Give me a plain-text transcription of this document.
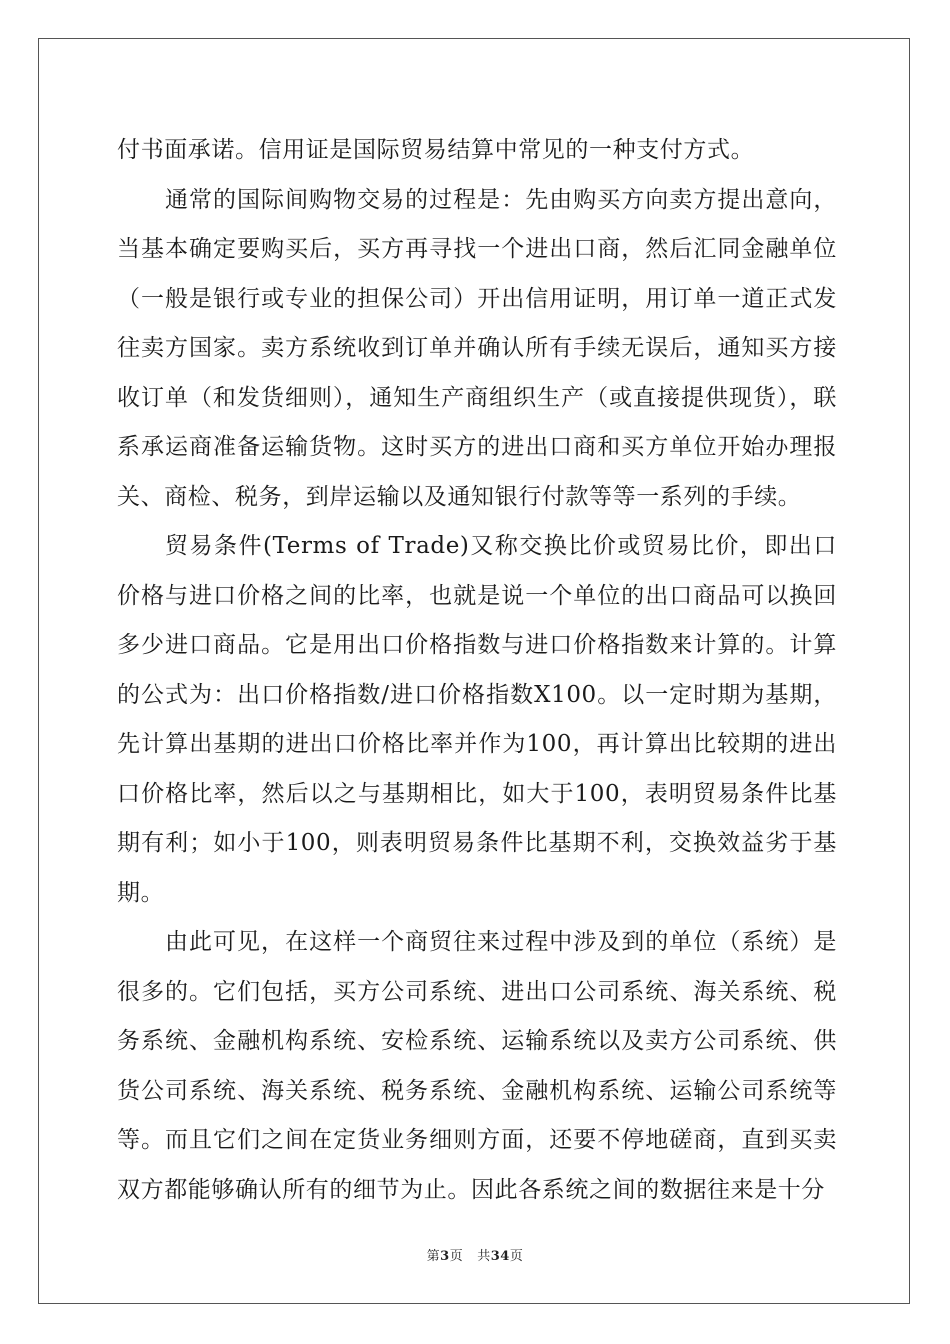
付书面承诺。信用证是国际贸易结算中常见的一种支付方式。

通常的国际间购物交易的过程是：先由购买方向卖方提出意向，当基本确定要购买后，买方再寻找一个进出口商，然后汇同金融单位（一般是银行或专业的担保公司）开出信用证明，用订单一道正式发往卖方国家。卖方系统收到订单并确认所有手续无误后，通知买方接收订单（和发货细则），通知生产商组织生产（或直接提供现货），联系承运商准备运输货物。这时买方的进出口商和买方单位开始办理报关、商检、税务，到岸运输以及通知银行付款等等一系列的手续。

贸易条件(Terms of Trade)又称交换比价或贸易比价，即出口价格与进口价格之间的比率，也就是说一个单位的出口商品可以换回多少进口商品。它是用出口价格指数与进口价格指数来计算的。计算的公式为：出口价格指数/进口价格指数X100。以一定时期为基期，先计算出基期的进出口价格比率并作为100，再计算出比较期的进出口价格比率，然后以之与基期相比，如大于100，表明贸易条件比基期有利；如小于100，则表明贸易条件比基期不利，交换效益劣于基期。

由此可见，在这样一个商贸往来过程中涉及到的单位（系统）是很多的。它们包括，买方公司系统、进出口公司系统、海关系统、税务系统、金融机构系统、安检系统、运输系统以及卖方公司系统、供货公司系统、海关系统、税务系统、金融机构系统、运输公司系统等等。而且它们之间在定货业务细则方面，还要不停地磋商，直到买卖双方都能够确认所有的细节为止。因此各系统之间的数据往来是十分

第3页 共34页
